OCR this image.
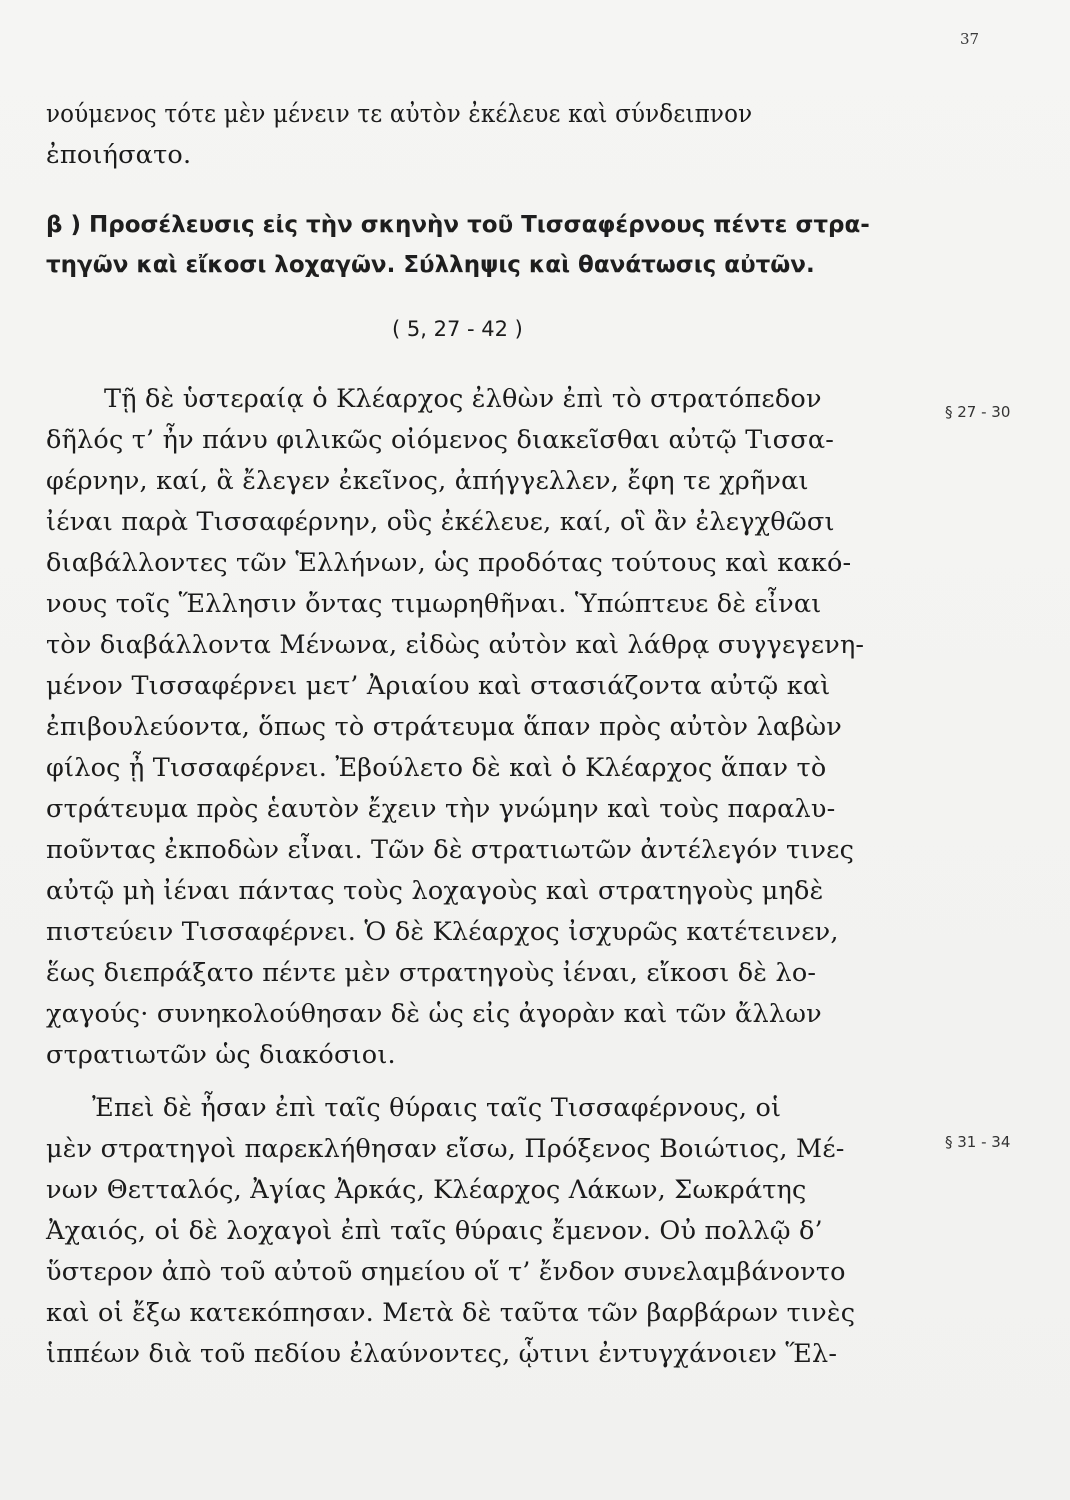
37
νούμενος τότε μὲν μένειν τε αὐτὸν ἐκέλευε καὶ σύνδειπνον
ἐποιήσατο.
β ) Προσέλευσις εἰς τὴν σκηνὴν τοῦ Τισσαφέρνους πέντε στρα-
τηγῶν καὶ εἴκοσι λοχαγῶν. Σύλληψις καὶ θανάτωσις αὐτῶν.
( 5, 27 - 42 )
§ 27 - 30
§ 31 - 34
Τῇ δὲ ὑστεραίᾳ ὁ Κλέαρχος ἐλθὼν ἐπὶ τὸ στρατόπεδον
δῆλός τ’ ἦν πάνυ φιλικῶς οἰόμενος διακεῖσθαι αὐτῷ Τισσα-
φέρνην, καί, ἃ ἔλεγεν ἐκεῖνος, ἀπήγγελλεν, ἔφη τε χρῆναι
ἰέναι παρὰ Τισσαφέρνην, οὓς ἐκέλευε, καί, οἳ ἂν ἐλεγχθῶσι
διαβάλλοντες τῶν Ἑλλήνων, ὡς προδότας τούτους καὶ κακό-
νους τοῖς Ἕλλησιν ὄντας τιμωρηθῆναι. Ὑπώπτευε δὲ εἶναι
τὸν διαβάλλοντα Μένωνα, εἰδὼς αὐτὸν καὶ λάθρᾳ συγγεγενη-
μένον Τισσαφέρνει μετ’ Ἀριαίου καὶ στασιάζοντα αὐτῷ καὶ
ἐπιβουλεύοντα, ὅπως τὸ στράτευμα ἅπαν πρὸς αὐτὸν λαβὼν
φίλος ᾖ Τισσαφέρνει. Ἐβούλετο δὲ καὶ ὁ Κλέαρχος ἅπαν τὸ
στράτευμα πρὸς ἑαυτὸν ἔχειν τὴν γνώμην καὶ τοὺς παραλυ-
ποῦντας ἐκποδὼν εἶναι. Τῶν δὲ στρατιωτῶν ἀντέλεγόν τινες
αὐτῷ μὴ ἰέναι πάντας τοὺς λοχαγοὺς καὶ στρατηγοὺς μηδὲ
πιστεύειν Τισσαφέρνει. Ὁ δὲ Κλέαρχος ἰσχυρῶς κατέτεινεν,
ἕως διεπράξατο πέντε μὲν στρατηγοὺς ἰέναι, εἴκοσι δὲ λο-
χαγούς· συνηκολούθησαν δὲ ὡς εἰς ἀγορὰν καὶ τῶν ἄλλων
στρατιωτῶν ὡς διακόσιοι.
Ἐπεὶ δὲ ἦσαν ἐπὶ ταῖς θύραις ταῖς Τισσαφέρνους, οἱ
μὲν στρατηγοὶ παρεκλήθησαν εἴσω, Πρόξενος Βοιώτιος, Μέ-
νων Θετταλός, Ἀγίας Ἀρκάς, Κλέαρχος Λάκων, Σωκράτης
Ἀχαιός, οἱ δὲ λοχαγοὶ ἐπὶ ταῖς θύραις ἔμενον. Οὐ πολλῷ δ’
ὕστερον ἀπὸ τοῦ αὐτοῦ σημείου οἵ τ’ ἔνδον συνελαμβάνοντο
καὶ οἱ ἔξω κατεκόπησαν. Μετὰ δὲ ταῦτα τῶν βαρβάρων τινὲς
ἱππέων διὰ τοῦ πεδίου ἐλαύνοντες, ᾧτινι ἐντυγχάνοιεν Ἕλ-
